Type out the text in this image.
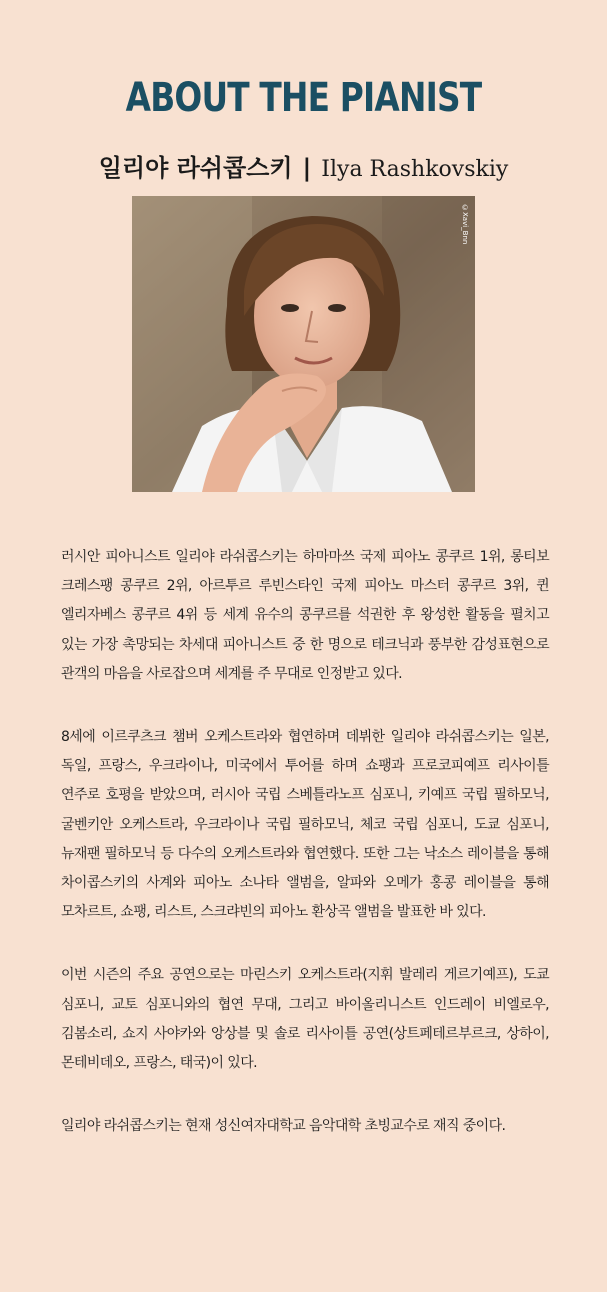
ABOUT THE PIANIST
일리야 라쉬콥스키 | Ilya Rashkovskiy
©Xavi_Bnn

러시안 피아니스트 일리야 라쉬콥스키는 하마마쓰 국제 피아노 콩쿠르 1위, 롱티보 크레스팽 콩쿠르 2위, 아르투르 루빈스타인 국제 피아노 마스터 콩쿠르 3위, 퀸 엘리자베스 콩쿠르 4위 등 세계 유수의 콩쿠르를 석권한 후 왕성한 활동을 펼치고 있는 가장 촉망되는 차세대 피아니스트 중 한 명으로 테크닉과 풍부한 감성표현으로 관객의 마음을 사로잡으며 세계를 주 무대로 인정받고 있다.

8세에 이르쿠츠크 챔버 오케스트라와 협연하며 데뷔한 일리야 라쉬콥스키는 일본, 독일, 프랑스, 우크라이나, 미국에서 투어를 하며 쇼팽과 프로코피예프 리사이틀 연주로 호평을 받았으며, 러시아 국립 스베틀라노프 심포니, 키예프 국립 필하모닉, 굴벤키안 오케스트라, 우크라이나 국립 필하모닉, 체코 국립 심포니, 도쿄 심포니, 뉴재팬 필하모닉 등 다수의 오케스트라와 협연했다. 또한 그는 낙소스 레이블을 통해 차이콥스키의 사계와 피아노 소나타 앨범을, 알파와 오메가 홍콩 레이블을 통해 모차르트, 쇼팽, 리스트, 스크랴빈의 피아노 환상곡 앨범을 발표한 바 있다.

이번 시즌의 주요 공연으로는 마린스키 오케스트라(지휘 발레리 게르기예프), 도쿄 심포니, 교토 심포니와의 협연 무대, 그리고 바이올리니스트 인드레이 비엘로우, 김봄소리, 쇼지 사야카와 앙상블 및 솔로 리사이틀 공연(상트페테르부르크, 상하이, 몬테비데오, 프랑스, 태국)이 있다.

일리야 라쉬콥스키는 현재 성신여자대학교 음악대학 초빙교수로 재직 중이다.
